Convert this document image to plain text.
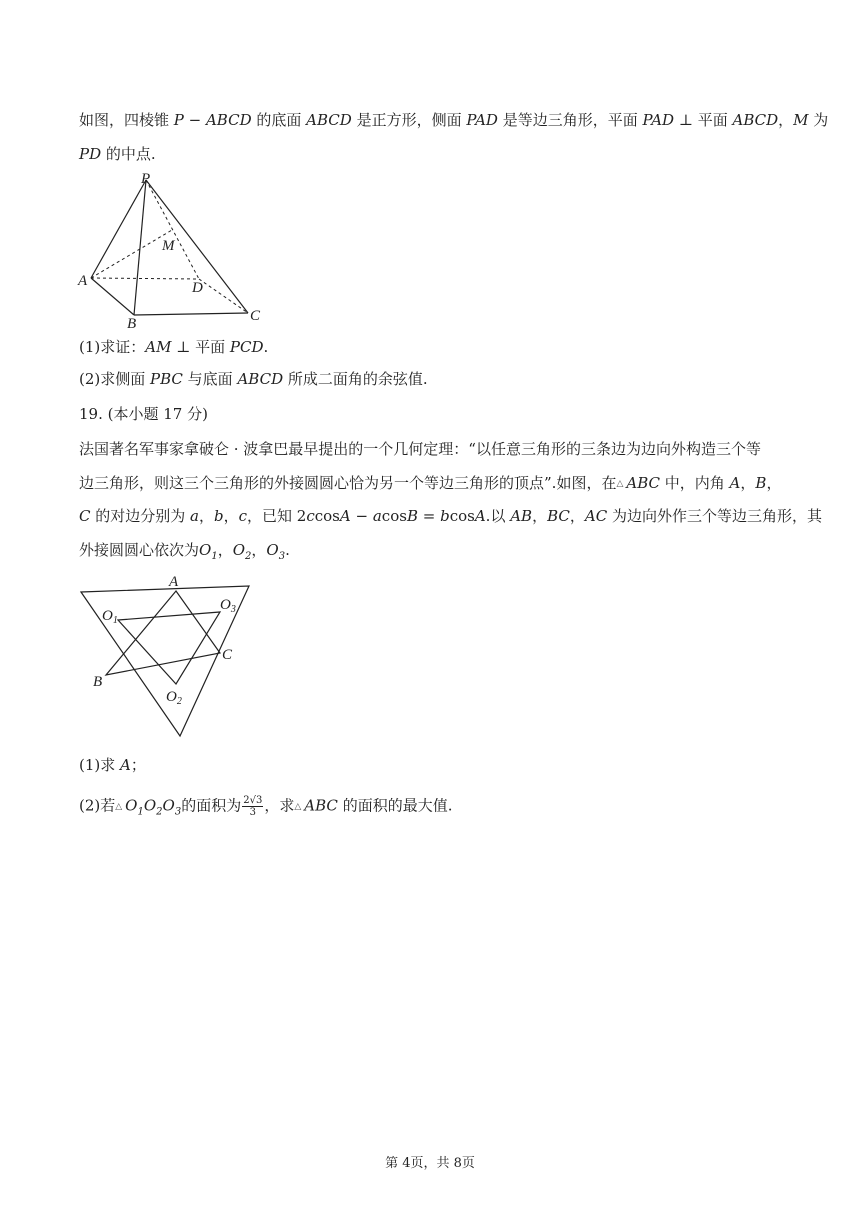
如图，四棱锥 P − ABCD 的底面 ABCD 是正方形，侧面 PAD 是等边三角形，平面 PAD ⊥ 平面 ABCD，M 为
PD 的中点.
P
M
A	D
B	C
(1)求证：AM ⊥ 平面 PCD.
(2)求侧面 PBC 与底面 ABCD 所成二面角的余弦值.
19. (本小题 17 分)
法国著名军事家拿破仑 · 波拿巴最早提出的一个几何定理：“以任意三角形的三条边为边向外构造三个等
边三角形，则这三个三角形的外接圆圆心恰为另一个等边三角形的顶点”.如图，在△ ABC 中，内角 A，B，
C 的对边分别为 a，b，c，已知 2ccosA − acosB = bcosA.以 AB，BC，AC 为边向外作三个等边三角形，其
外接圆圆心依次为$O_1$，$O_2$，$O_3$.
A
$O_1$
$O_3$
C
B
$O_2$
(1)求 A；
(2)若△ $O_1O_2O_3$的面积为 $\frac{2√3}{3}$ ，求△ ABC 的面积的最大值.
第 4页，共 8页
